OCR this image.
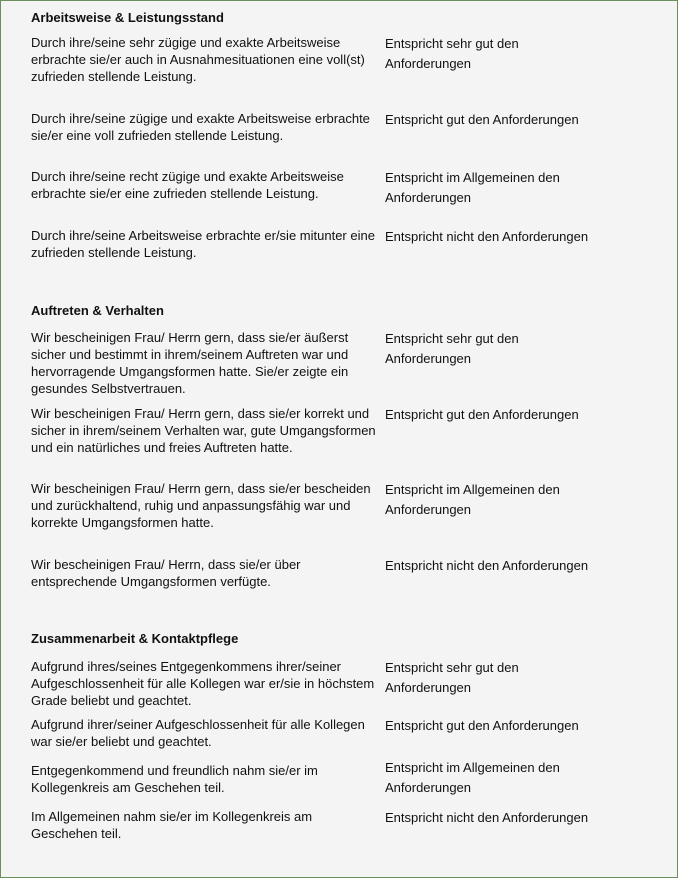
Arbeitsweise & Leistungsstand
Durch ihre/seine sehr zügige und exakte Arbeitsweise erbrachte sie/er auch in Ausnahmesituationen eine voll(st) zufrieden stellende Leistung.
Entspricht sehr gut den Anforderungen
Durch ihre/seine zügige und exakte Arbeitsweise erbrachte sie/er eine voll zufrieden stellende Leistung.
Entspricht gut den Anforderungen
Durch ihre/seine recht zügige und exakte Arbeitsweise erbrachte sie/er eine zufrieden stellende Leistung.
Entspricht im Allgemeinen den Anforderungen
Durch ihre/seine Arbeitsweise erbrachte er/sie mitunter eine zufrieden stellende Leistung.
Entspricht nicht den Anforderungen
Auftreten & Verhalten
Wir bescheinigen Frau/ Herrn gern, dass sie/er äußerst sicher und bestimmt in ihrem/seinem Auftreten war und hervorragende Umgangsformen hatte. Sie/er zeigte ein gesundes Selbstvertrauen.
Entspricht sehr gut den Anforderungen
Wir bescheinigen Frau/ Herrn gern, dass sie/er korrekt und sicher in ihrem/seinem Verhalten war, gute Umgangsformen und ein natürliches und freies Auftreten hatte.
Entspricht gut den Anforderungen
Wir bescheinigen Frau/ Herrn gern, dass sie/er bescheiden und zurückhaltend, ruhig und anpassungsfähig war und korrekte Umgangsformen hatte.
Entspricht im Allgemeinen den Anforderungen
Wir bescheinigen Frau/ Herrn, dass sie/er über entsprechende Umgangsformen verfügte.
Entspricht nicht den Anforderungen
Zusammenarbeit & Kontaktpflege
Aufgrund ihres/seines Entgegenkommens ihrer/seiner Aufgeschlossenheit für alle Kollegen war er/sie in höchstem Grade beliebt und geachtet.
Entspricht sehr gut den Anforderungen
Aufgrund ihrer/seiner Aufgeschlossenheit für alle Kollegen war sie/er beliebt und geachtet.
Entspricht gut den Anforderungen
Entgegenkommend und freundlich nahm sie/er im Kollegenkreis am Geschehen teil.
Entspricht im Allgemeinen den Anforderungen
Im Allgemeinen nahm sie/er im Kollegenkreis am Geschehen teil.
Entspricht nicht den Anforderungen
